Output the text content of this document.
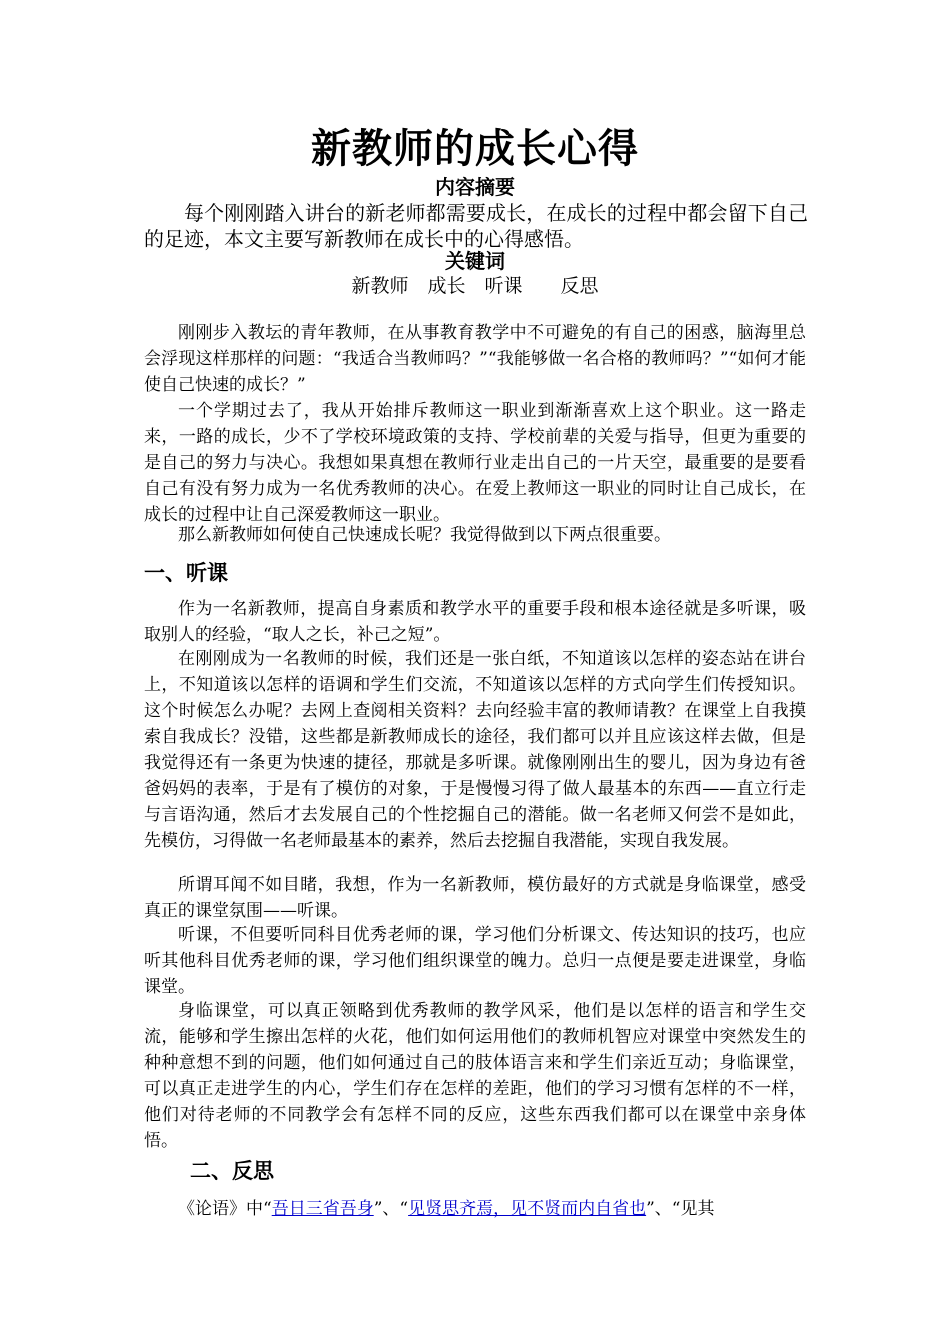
新教师的成长心得
内容摘要

每个刚刚踏入讲台的新老师都需要成长，在成长的过程中都会留下自己的足迹，本文主要写新教师在成长中的心得感悟。

关键词
新教师　成长　听课　　反思

刚刚步入教坛的青年教师，在从事教育教学中不可避免的有自己的困惑，脑海里总会浮现这样那样的问题：“我适合当教师吗？”“我能够做一名合格的教师吗？”“如何才能使自己快速的成长？”

一个学期过去了，我从开始排斥教师这一职业到渐渐喜欢上这个职业。这一路走来，一路的成长，少不了学校环境政策的支持、学校前辈的关爱与指导，但更为重要的是自己的努力与决心。我想如果真想在教师行业走出自己的一片天空，最重要的是要看自己有没有努力成为一名优秀教师的决心。在爱上教师这一职业的同时让自己成长，在成长的过程中让自己深爱教师这一职业。

那么新教师如何使自己快速成长呢？我觉得做到以下两点很重要。

一、听课

作为一名新教师，提高自身素质和教学水平的重要手段和根本途径就是多听课，吸取别人的经验，“取人之长，补己之短”。

在刚刚成为一名教师的时候，我们还是一张白纸，不知道该以怎样的姿态站在讲台上，不知道该以怎样的语调和学生们交流，不知道该以怎样的方式向学生们传授知识。这个时候怎么办呢？去网上查阅相关资料？去向经验丰富的教师请教？在课堂上自我摸索自我成长？没错，这些都是新教师成长的途径，我们都可以并且应该这样去做，但是我觉得还有一条更为快速的捷径，那就是多听课。就像刚刚出生的婴儿，因为身边有爸爸妈妈的表率，于是有了模仿的对象，于是慢慢习得了做人最基本的东西——直立行走与言语沟通，然后才去发展自己的个性挖掘自己的潜能。做一名老师又何尝不是如此，先模仿，习得做一名老师最基本的素养，然后去挖掘自我潜能，实现自我发展。

所谓耳闻不如目睹，我想，作为一名新教师，模仿最好的方式就是身临课堂，感受真正的课堂氛围——听课。

听课，不但要听同科目优秀老师的课，学习他们分析课文、传达知识的技巧，也应听其他科目优秀老师的课，学习他们组织课堂的魄力。总归一点便是要走进课堂，身临课堂。

身临课堂，可以真正领略到优秀教师的教学风采，他们是以怎样的语言和学生交流，能够和学生擦出怎样的火花，他们如何运用他们的教师机智应对课堂中突然发生的种种意想不到的问题，他们如何通过自己的肢体语言来和学生们亲近互动；身临课堂，可以真正走进学生的内心，学生们存在怎样的差距，他们的学习习惯有怎样的不一样，他们对待老师的不同教学会有怎样不同的反应，这些东西我们都可以在课堂中亲身体悟。

二、反思

《论语》中“吾日三省吾身”、“见贤思齐焉，见不贤而内自省也”、“见其
